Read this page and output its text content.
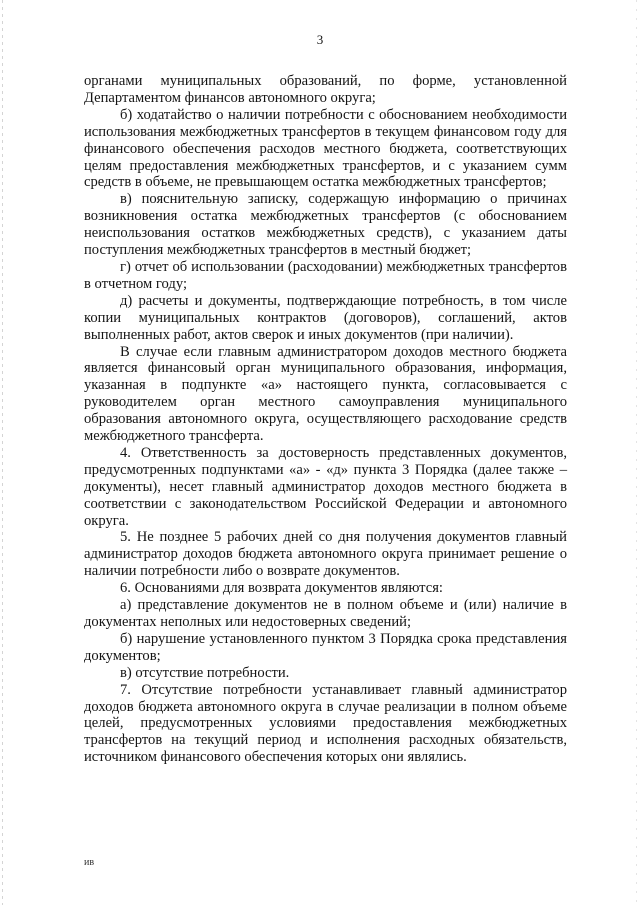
3

органами муниципальных образований, по форме, установленной Департаментом финансов автономного округа;

б) ходатайство о наличии потребности с обоснованием необходимости использования межбюджетных трансфертов в текущем финансовом году для финансового обеспечения расходов местного бюджета, соответствующих целям предоставления межбюджетных трансфертов, и с указанием сумм средств в объеме, не превышающем остатка межбюджетных трансфертов;

в) пояснительную записку, содержащую информацию о причинах возникновения остатка межбюджетных трансфертов (с обоснованием неиспользования остатков межбюджетных средств), с указанием даты поступления межбюджетных трансфертов в местный бюджет;

г) отчет об использовании (расходовании) межбюджетных трансфертов в отчетном году;

д) расчеты и документы, подтверждающие потребность, в том числе копии муниципальных контрактов (договоров), соглашений, актов выполненных работ, актов сверок и иных документов (при наличии).

В случае если главным администратором доходов местного бюджета является финансовый орган муниципального образования, информация, указанная в подпункте «а» настоящего пункта, согласовывается с руководителем орган местного самоуправления муниципального образования автономного округа, осуществляющего расходование средств межбюджетного трансферта.

4. Ответственность за достоверность представленных документов, предусмотренных подпунктами «а» - «д» пункта 3 Порядка (далее также – документы), несет главный администратор доходов местного бюджета в соответствии с законодательством Российской Федерации и автономного округа.

5. Не позднее 5 рабочих дней со дня получения документов главный администратор доходов бюджета автономного округа принимает решение о наличии потребности либо о возврате документов.

6. Основаниями для возврата документов являются:

а) представление документов не в полном объеме и (или) наличие в документах неполных или недостоверных сведений;

б) нарушение установленного пунктом 3 Порядка срока представления документов;

в) отсутствие потребности.

7. Отсутствие потребности устанавливает главный администратор доходов бюджета автономного округа в случае реализации в полном объеме целей, предусмотренных условиями предоставления межбюджетных трансфертов на текущий период и исполнения расходных обязательств, источником финансового обеспечения которых они являлись.

ив
